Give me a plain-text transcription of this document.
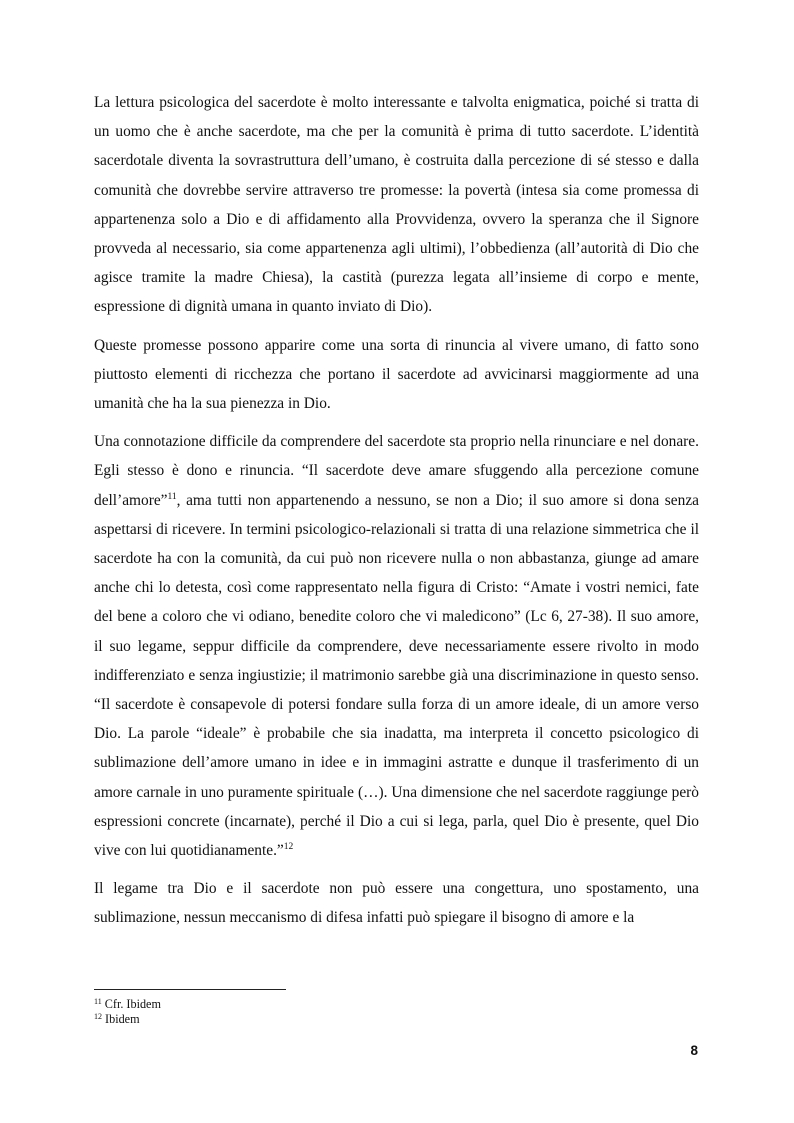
La lettura psicologica del sacerdote è molto interessante e talvolta enigmatica, poiché si tratta di un uomo che è anche sacerdote, ma che per la comunità è prima di tutto sacerdote. L’identità sacerdotale diventa la sovrastruttura dell’umano, è costruita dalla percezione di sé stesso e dalla comunità che dovrebbe servire attraverso tre promesse: la povertà (intesa sia come promessa di appartenenza solo a Dio e di affidamento alla Provvidenza, ovvero la speranza che il Signore provveda al necessario, sia come appartenenza agli ultimi), l’obbedienza (all’autorità di Dio che agisce tramite la madre Chiesa), la castità (purezza legata all’insieme di corpo e mente, espressione di dignità umana in quanto inviato di Dio).

Queste promesse possono apparire come una sorta di rinuncia al vivere umano, di fatto sono piuttosto elementi di ricchezza che portano il sacerdote ad avvicinarsi maggiormente ad una umanità che ha la sua pienezza in Dio.

Una connotazione difficile da comprendere del sacerdote sta proprio nella rinunciare e nel donare. Egli stesso è dono e rinuncia. “Il sacerdote deve amare sfuggendo alla percezione comune dell’amore”$^{11}$, ama tutti non appartenendo a nessuno, se non a Dio; il suo amore si dona senza aspettarsi di ricevere. In termini psicologico-relazionali si tratta di una relazione simmetrica che il sacerdote ha con la comunità, da cui può non ricevere nulla o non abbastanza, giunge ad amare anche chi lo detesta, così come rappresentato nella figura di Cristo: “Amate i vostri nemici, fate del bene a coloro che vi odiano, benedite coloro che vi maledicono” (Lc 6, 27-38). Il suo amore, il suo legame, seppur difficile da comprendere, deve necessariamente essere rivolto in modo indifferenziato e senza ingiustizie; il matrimonio sarebbe già una discriminazione in questo senso. “Il sacerdote è consapevole di potersi fondare sulla forza di un amore ideale, di un amore verso Dio. La parole “ideale” è probabile che sia inadatta, ma interpreta il concetto psicologico di sublimazione dell’amore umano in idee e in immagini astratte e dunque il trasferimento di un amore carnale in uno puramente spirituale (…). Una dimensione che nel sacerdote raggiunge però espressioni concrete (incarnate), perché il Dio a cui si lega, parla, quel Dio è presente, quel Dio vive con lui quotidianamente.”$^{12}$

Il legame tra Dio e il sacerdote non può essere una congettura, uno spostamento, una sublimazione, nessun meccanismo di difesa infatti può spiegare il bisogno di amore e la

$^{11}$ Cfr. Ibidem
$^{12}$ Ibidem
8
